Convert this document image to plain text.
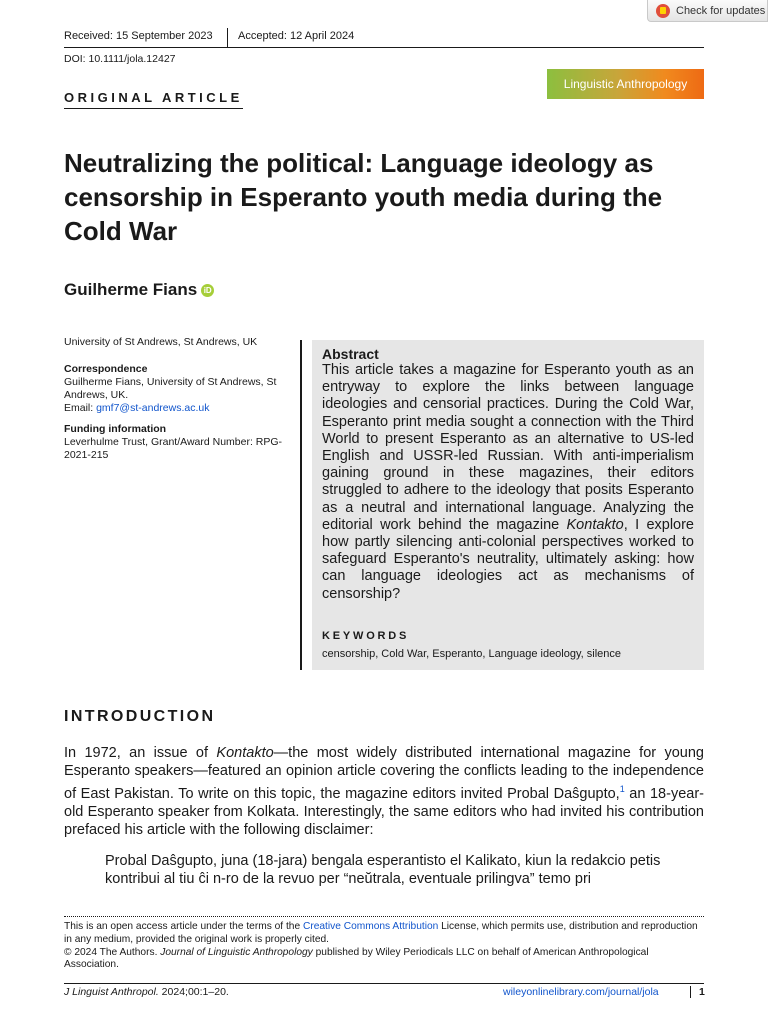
Check for updates
Received: 15 September 2023 Accepted: 12 April 2024
DOI: 10.1111/jola.12427
Linguistic Anthropology
ORIGINAL ARTICLE
Neutralizing the political: Language ideology as censorship in Esperanto youth media during the Cold War
Guilherme Fians iD

University of St Andrews, St Andrews, UK

Correspondence

Guilherme Fians, University of St Andrews, St Andrews, UK.

Email: gmf7@st-andrews.ac.uk

Funding information

Leverhulme Trust, Grant/Award Number: RPG-2021-215

Abstract
This article takes a magazine for Esperanto youth as an entryway to explore the links between language ideologies and censorial practices. During the Cold War, Esperanto print media sought a connection with the Third World to present Esperanto as an alternative to US-led English and USSR-led Russian. With anti-imperialism gaining ground in these magazines, their editors struggled to adhere to the ideology that posits Esperanto as a neutral and international language. Analyzing the editorial work behind the magazine Kontakto, I explore how partly silencing anti-colonial perspectives worked to safeguard Esperanto's neutrality, ultimately asking: how can language ideologies act as mechanisms of censorship?
KEYWORDS
censorship, Cold War, Esperanto, Language ideology, silence
INTRODUCTION
In 1972, an issue of Kontakto—the most widely distributed international magazine for young Esperanto speakers—featured an opinion article covering the conflicts leading to the independence of East Pakistan. To write on this topic, the magazine editors invited Probal Daŝgupto,$^1$ an 18-year-old Esperanto speaker from Kolkata. Interestingly, the same editors who had invited his contribution prefaced his article with the following disclaimer:
Probal Daŝgupto, juna (18-jara) bengala esperantisto el Kalikato, kiun la redakcio petis kontribui al tiu ĉi n-ro de la revuo per “neŭtrala, eventuale prilingva” temo pri

This is an open access article under the terms of the Creative Commons Attribution License, which permits use, distribution and reproduction in any medium, provided the original work is properly cited.

© 2024 The Authors. Journal of Linguistic Anthropology published by Wiley Periodicals LLC on behalf of American Anthropological Association.

J Linguist Anthropol. 2024;00:1–20.	wileyonlinelibrary.com/journal/jola	1
